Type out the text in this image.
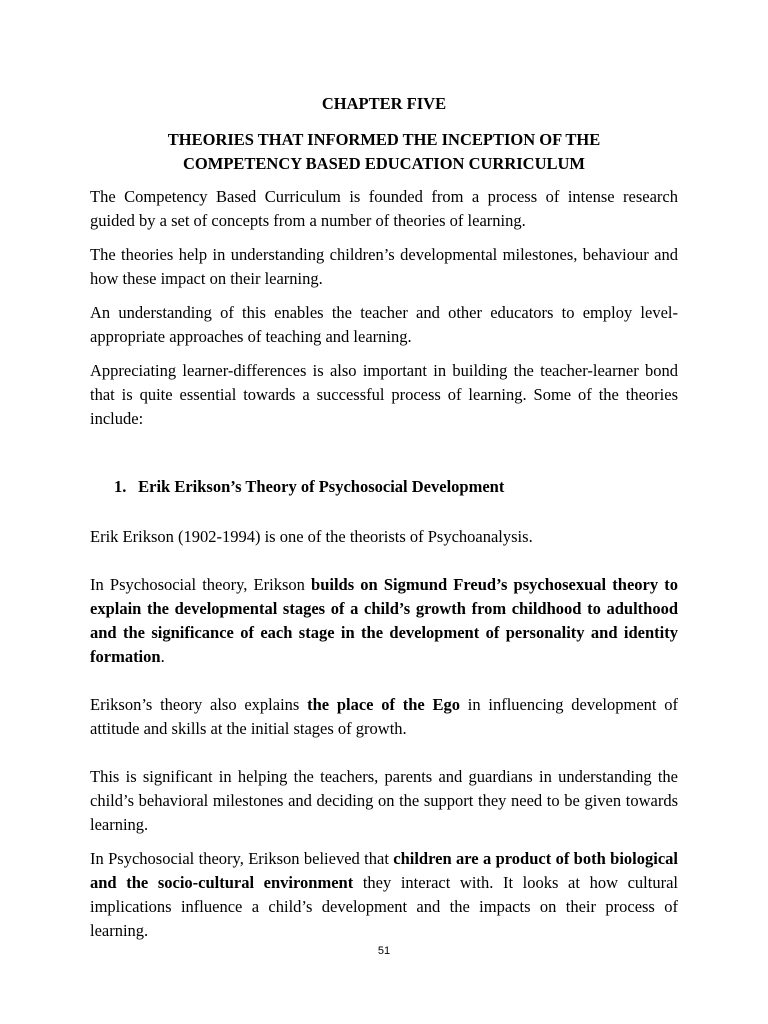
CHAPTER FIVE
THEORIES THAT INFORMED THE INCEPTION OF THE
COMPETENCY BASED EDUCATION CURRICULUM

The Competency Based Curriculum is founded from a process of intense research guided by a set of concepts from a number of theories of learning.

The theories help in understanding children’s developmental milestones, behaviour and how these impact on their learning.

An understanding of this enables the teacher and other educators to employ level-appropriate approaches of teaching and learning.

Appreciating learner-differences is also important in building the teacher-learner bond that is quite essential towards a successful process of learning. Some of the theories include:

1. Erik Erikson’s Theory of Psychosocial Development

Erik Erikson (1902-1994) is one of the theorists of Psychoanalysis.

In Psychosocial theory, Erikson builds on Sigmund Freud’s psychosexual theory to explain the developmental stages of a child’s growth from childhood to adulthood and the significance of each stage in the development of personality and identity formation.

Erikson’s theory also explains the place of the Ego in influencing development of attitude and skills at the initial stages of growth.

This is significant in helping the teachers, parents and guardians in understanding the child’s behavioral milestones and deciding on the support they need to be given towards learning.

In Psychosocial theory, Erikson believed that children are a product of both biological and the socio-cultural environment they interact with. It looks at how cultural implications influence a child’s development and the impacts on their process of learning.

51
